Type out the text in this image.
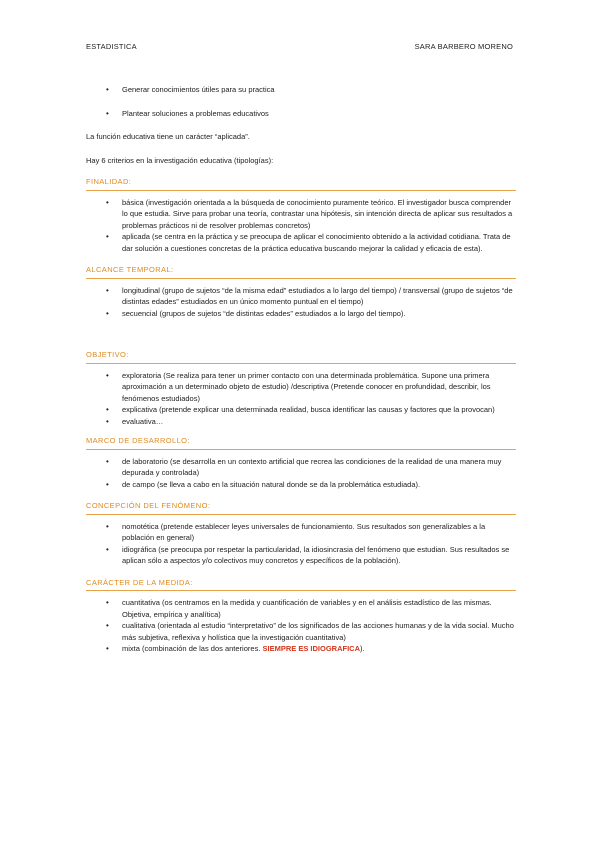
ESTADISTICA	SARA BARBERO MORENO

• Generar conocimientos útiles para su practica

• Plantear soluciones a problemas educativos

La función educativa tiene un carácter “aplicada”.

Hay 6 criterios en la investigación educativa (tipologías):

FINALIDAD:

• básica (investigación orientada a la búsqueda de conocimiento puramente teórico. El investigador busca comprender lo que estudia. Sirve para probar una teoría, contrastar una hipótesis, sin intención directa de aplicar sus resultados a problemas prácticos ni de resolver problemas concretos)

• aplicada (se centra en la práctica y se preocupa de aplicar el conocimiento obtenido a la actividad cotidiana. Trata de dar solución a cuestiones concretas de la práctica educativa buscando mejorar la calidad y eficacia de esta).

ALCANCE TEMPORAL:

• longitudinal (grupo de sujetos “de la misma edad” estudiados a lo largo del tiempo) / transversal (grupo de sujetos “de distintas edades” estudiados en un único momento puntual en el tiempo)

• secuencial (grupos de sujetos “de distintas edades” estudiados a lo largo del tiempo).

OBJETIVO:

• exploratoria (Se realiza para tener un primer contacto con una determinada problemática. Supone una primera aproximación a un determinado objeto de estudio) /descriptiva (Pretende conocer en profundidad, describir, los fenómenos estudiados)

• explicativa (pretende explicar una determinada realidad, busca identificar las causas y factores que la provocan)

• evaluativa…

MARCO DE DESARROLLO:

• de laboratorio (se desarrolla en un contexto artificial que recrea las condiciones de la realidad de una manera muy depurada y controlada)

• de campo (se lleva a cabo en la situación natural donde se da la problemática estudiada).

CONCEPCIÓN DEL FENÓMENO:

• nomotética (pretende establecer leyes universales de funcionamiento. Sus resultados son generalizables a la población en general)

• idiográfica (se preocupa por respetar la particularidad, la idiosincrasia del fenómeno que estudian. Sus resultados se aplican sólo a aspectos y/o colectivos muy concretos y específicos de la población).

CARÁCTER DE LA MEDIDA:

• cuantitativa (os centramos en la medida y cuantificación de variables y en el análisis estadístico de las mismas. Objetiva, empírica y analítica)

• cualitativa (orientada al estudio “interpretativo” de los significados de las acciones humanas y de la vida social. Mucho más subjetiva, reflexiva y holística que la investigación cuantitativa)

• mixta (combinación de las dos anteriores. SIEMPRE ES IDIOGRAFICA).
